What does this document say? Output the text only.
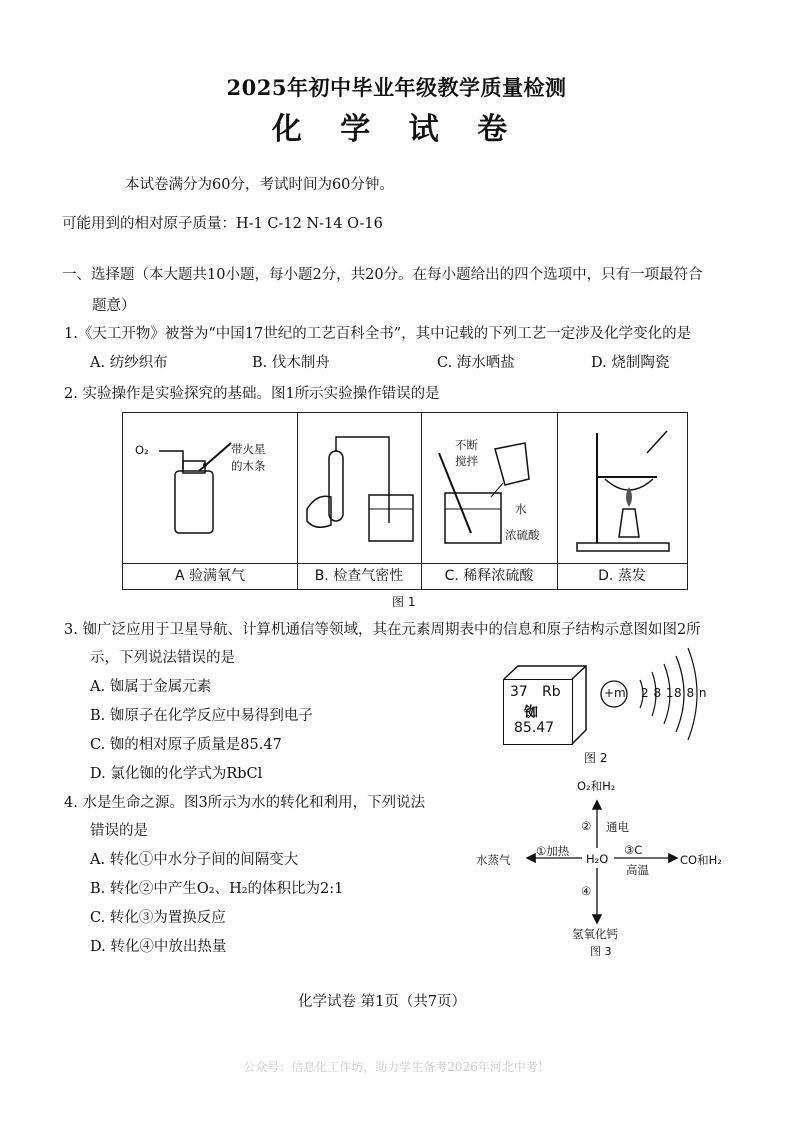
2025年初中毕业年级教学质量检测
化 学 试 卷
本试卷满分为60分，考试时间为60分钟。
可能用到的相对原子质量：H-1 C-12 N-14 O-16
一、选择题（本大题共10小题，每小题2分，共20分。在每小题给出的四个选项中，只有一项最符合
题意）
1.《天工开物》被誉为“中国17世纪的工艺百科全书”，其中记载的下列工艺一定涉及化学变化的是
A. 纺纱织布	B. 伐木制舟	C. 海水晒盐	D. 烧制陶瓷
2. 实验操作是实验探究的基础。图1所示实验操作错误的是
O₂	带火星
的木条
不断
搅拌
水
浓硫酸
A 验满氧气	B. 检查气密性	C. 稀释浓硫酸	D. 蒸发
图 1
3. 铷广泛应用于卫星导航、计算机通信等领域，其在元素周期表中的信息和原子结构示意图如图2所
示，下列说法错误的是
A. 铷属于金属元素
B. 铷原子在化学反应中易得到电子
C. 铷的相对原子质量是85.47
D. 氯化铷的化学式为RbCl
37 Rb
铷
85.47
+m 2 8 18 8 n
图 2
4. 水是生命之源。图3所示为水的转化和利用，下列说法
错误的是
A. 转化①中水分子间的间隔变大
B. 转化②中产生O₂、H₂的体积比为2:1
C. 转化③为置换反应
D. 转化④中放出热量
O₂和H₂
② 通电
①加热	③C
水蒸气	H₂O	CO和H₂
高温
④
氢氧化钙
图 3
化学试卷 第1页（共7页）
公众号：信息化工作坊，助力学生备考2026年河北中考！
